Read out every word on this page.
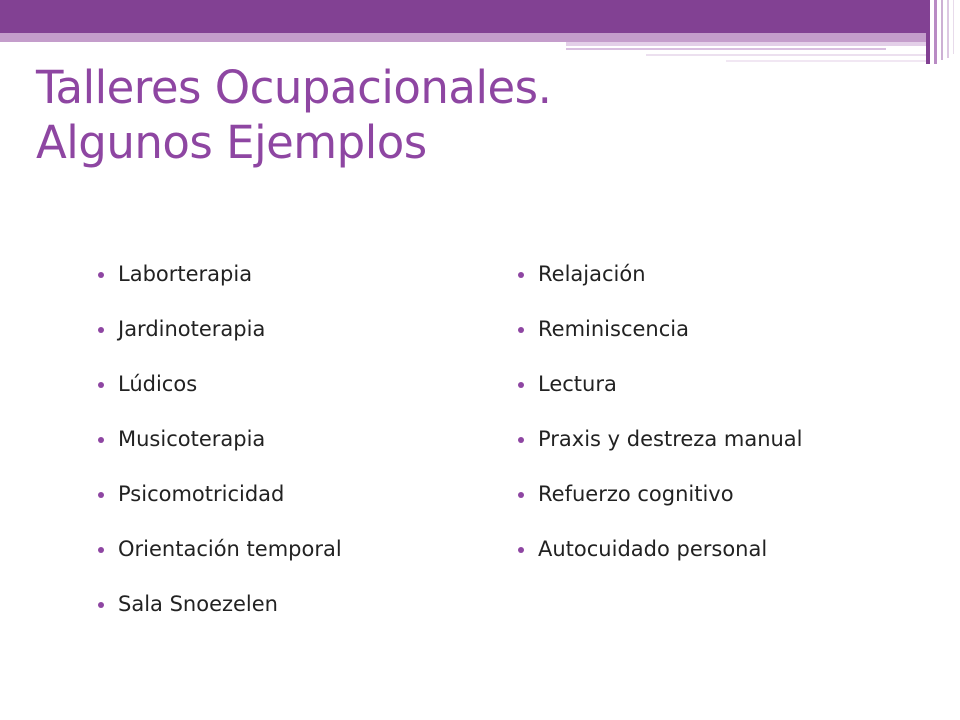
Talleres Ocupacionales.
Algunos Ejemplos
Laborterapia
Jardinoterapia
Lúdicos
Musicoterapia
Psicomotricidad
Orientación temporal
Sala Snoezelen
Relajación
Reminiscencia
Lectura
Praxis y destreza manual
Refuerzo cognitivo
Autocuidado personal
